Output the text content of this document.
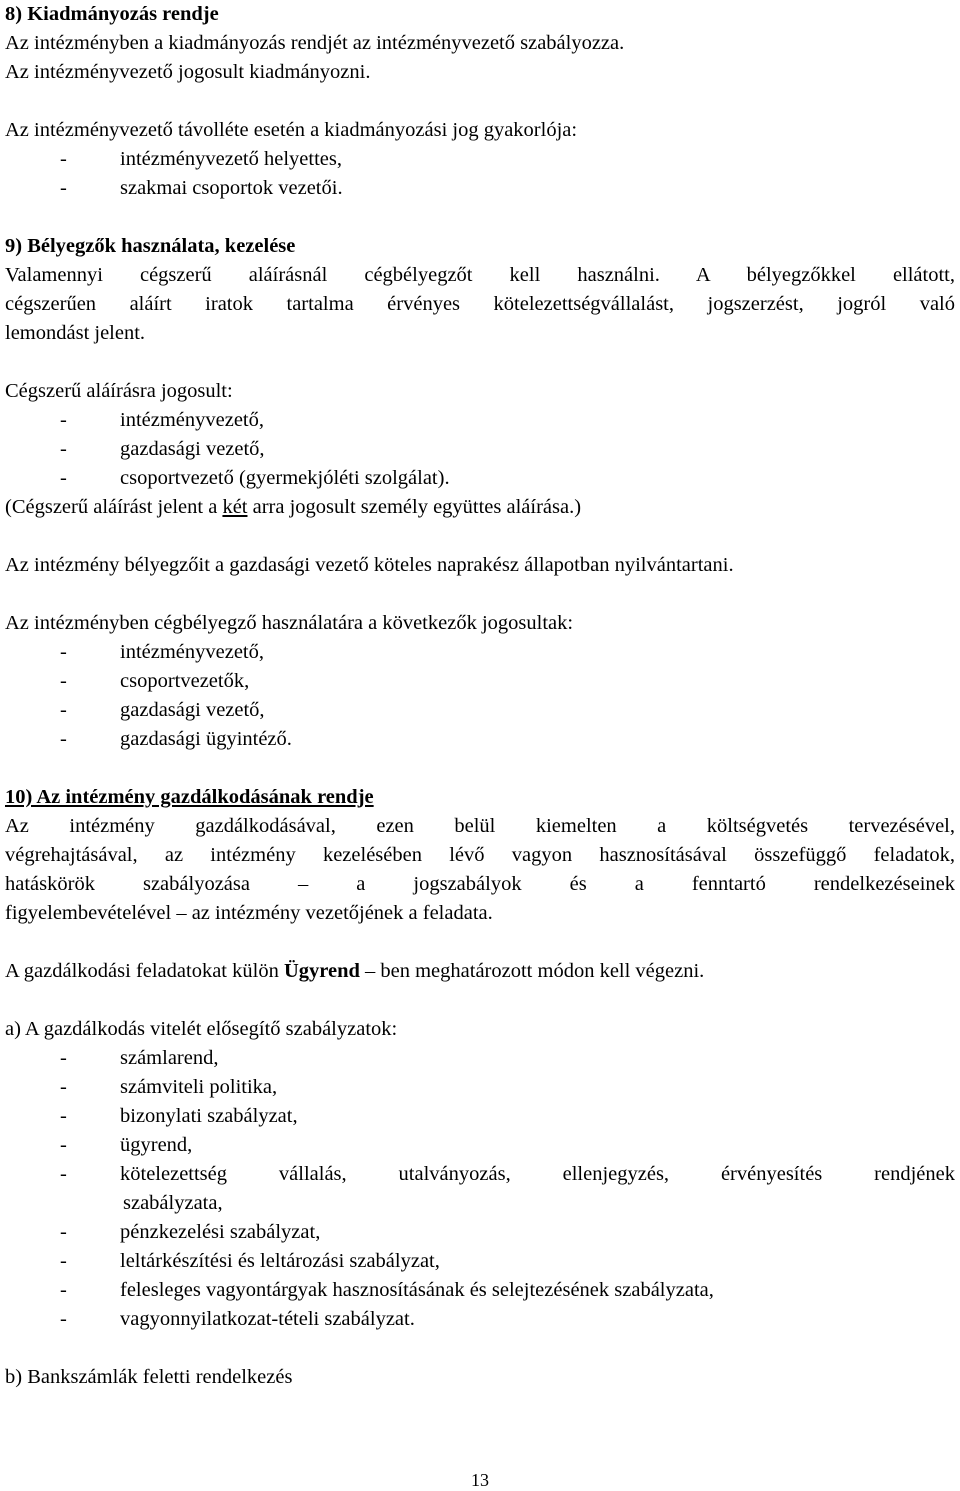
8) Kiadmányozás rendje
Az intézményben a kiadmányozás rendjét az intézményvezető szabályozza.
Az intézményvezető jogosult kiadmányozni.
Az intézményvezető távolléte esetén a kiadmányozási jog gyakorlója:
-	intézményvezető helyettes,
-	szakmai csoportok vezetői.
9) Bélyegzők használata, kezelése
Valamennyi cégszerű aláírásnál cégbélyegzőt kell használni. A bélyegzőkkel ellátott,
cégszerűen aláírt iratok tartalma érvényes kötelezettségvállalást, jogszerzést, jogról való
lemondást jelent.
Cégszerű aláírásra jogosult:
-	intézményvezető,
-	gazdasági vezető,
-	csoportvezető (gyermekjóléti szolgálat).
(Cégszerű aláírást jelent a két arra jogosult személy együttes aláírása.)
Az intézmény bélyegzőit a gazdasági vezető köteles naprakész állapotban nyilvántartani.
Az intézményben cégbélyegző használatára a következők jogosultak:
-	intézményvezető,
-	csoportvezetők,
-	gazdasági vezető,
-	gazdasági ügyintéző.
10) Az intézmény gazdálkodásának rendje
Az intézmény gazdálkodásával, ezen belül kiemelten a költségvetés tervezésével,
végrehajtásával, az intézmény kezelésében lévő vagyon hasznosításával összefüggő feladatok,
hatáskörök szabályozása – a jogszabályok és a fenntartó rendelkezéseinek
figyelembevételével – az intézmény vezetőjének a feladata.
A gazdálkodási feladatokat külön Ügyrend – ben meghatározott módon kell végezni.
a) A gazdálkodás vitelét elősegítő szabályzatok:
-	számlarend,
-	számviteli politika,
-	bizonylati szabályzat,
-	ügyrend,
-	kötelezettség vállalás, utalványozás, ellenjegyzés, érvényesítés rendjének
szabályzata,
-	pénzkezelési szabályzat,
-	leltárkészítési és leltározási szabályzat,
-	felesleges vagyontárgyak hasznosításának és selejtezésének szabályzata,
-	vagyonnyilatkozat-tételi szabályzat.
b) Bankszámlák feletti rendelkezés
13
